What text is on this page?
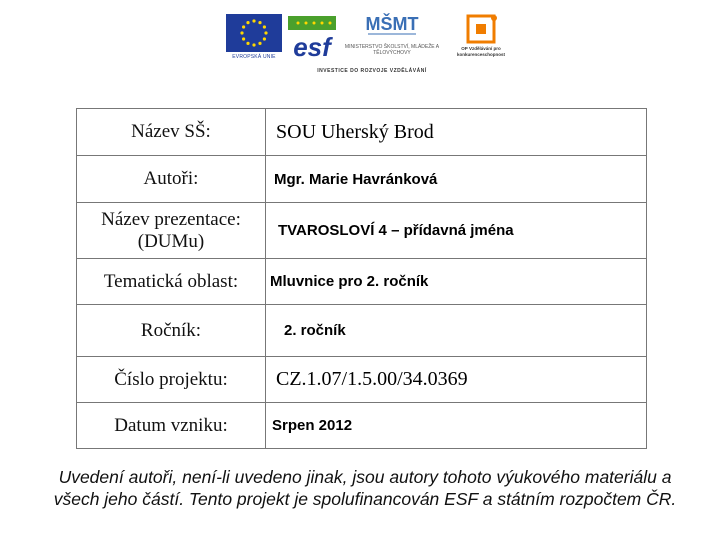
EVROPSKÁ UNIE esf
MŠMT
MINISTERSTVO ŠKOLSTVÍ, MLÁDEŽE A TĚLOVÝCHOVY
OP Vzdělávání pro konkurenceschopnost
INVESTICE DO ROZVOJE VZDĚLÁVÁNÍ
Název SŠ:	SOU Uherský Brod

Autoři:	Mgr. Marie Havránková

Název prezentace:
(DUMu)	TVAROSLOVÍ 4 – přídavná jména

Tematická oblast:	Mluvnice pro 2. ročník

Ročník:	2. ročník

Číslo projektu:	CZ.1.07/1.5.00/34.0369

Datum vzniku:	Srpen 2012
Uvedení autoři, není-li uvedeno jinak, jsou autory tohoto výukového materiálu a
všech jeho částí. Tento projekt je spolufinancován ESF a státním rozpočtem ČR.
